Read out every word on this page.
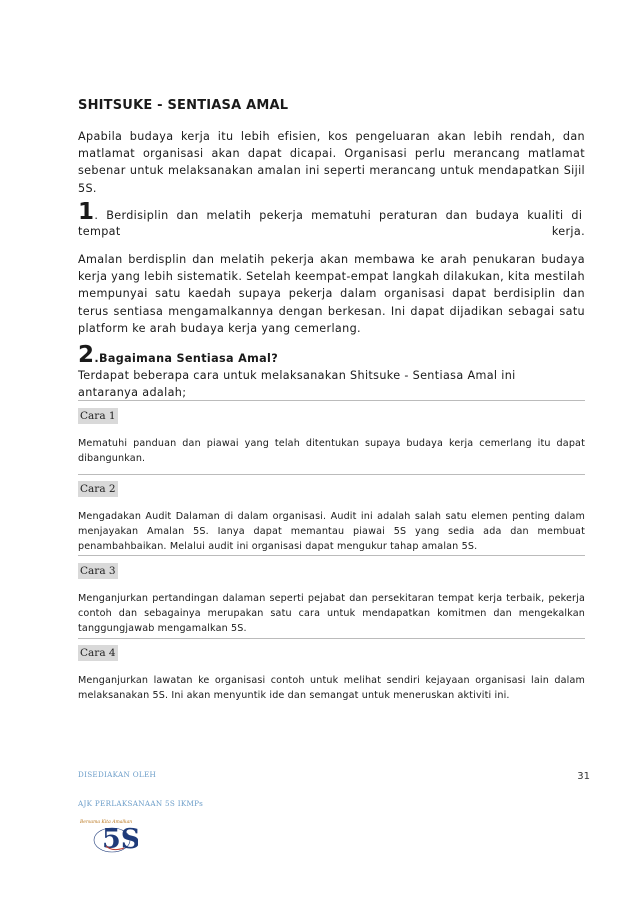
SHITSUKE - SENTIASA AMAL
Apabila budaya kerja itu lebih efisien, kos pengeluaran akan lebih rendah, dan matlamat organisasi akan dapat dicapai. Organisasi perlu merancang matlamat sebenar untuk melaksanakan amalan ini seperti merancang untuk mendapatkan Sijil 5S.
1. Berdisiplin dan melatih pekerja mematuhi peraturan dan budaya kualiti di
tempat	kerja.
Amalan berdisplin dan melatih pekerja akan membawa ke arah penukaran budaya kerja yang lebih sistematik. Setelah keempat-empat langkah dilakukan, kita mestilah mempunyai satu kaedah supaya pekerja dalam organisasi dapat berdisiplin dan terus sentiasa mengamalkannya dengan berkesan. Ini dapat dijadikan sebagai satu platform ke arah budaya kerja yang cemerlang.
2.Bagaimana Sentiasa Amal?
Terdapat beberapa cara untuk melaksanakan Shitsuke - Sentiasa Amal ini antaranya adalah;
Cara 1
Mematuhi panduan dan piawai yang telah ditentukan supaya budaya kerja cemerlang itu dapat dibangunkan.
Cara 2
Mengadakan Audit Dalaman di dalam organisasi. Audit ini adalah salah satu elemen penting dalam menjayakan Amalan 5S. Ianya dapat memantau piawai 5S yang sedia ada dan membuat penambahbaikan. Melalui audit ini organisasi dapat mengukur tahap amalan 5S.
Cara 3
Menganjurkan pertandingan dalaman seperti pejabat dan persekitaran tempat kerja terbaik, pekerja contoh dan sebagainya merupakan satu cara untuk mendapatkan komitmen dan mengekalkan tanggungjawab mengamalkan 5S.
Cara 4
Menganjurkan lawatan ke organisasi contoh untuk melihat sendiri kejayaan organisasi lain dalam melaksanakan 5S. Ini akan menyuntik ide dan semangat untuk meneruskan aktiviti ini.
DISEDIAKAN OLEH	31
AJK PERLAKSANAAN 5S IKMPs
Bersama Kita Amalkan
5S
